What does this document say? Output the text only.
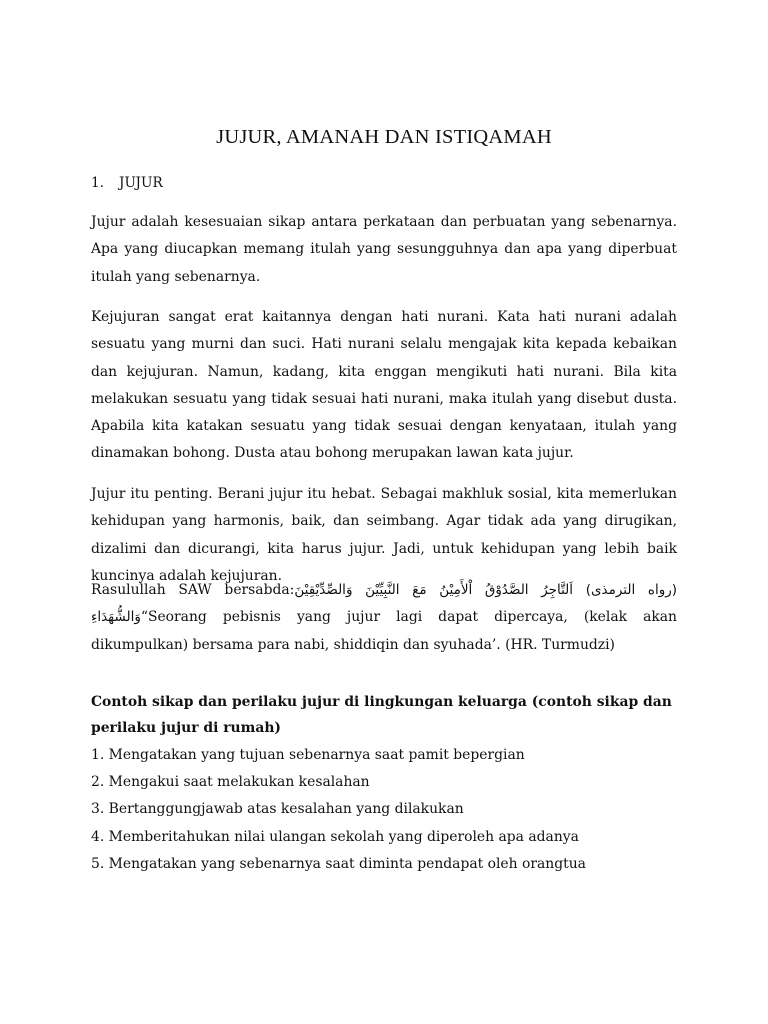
JUJUR, AMANAH DAN ISTIQAMAH
1. JUJUR

Jujur adalah kesesuaian sikap antara perkataan dan perbuatan yang sebenarnya. Apa yang diucapkan memang itulah yang sesungguhnya dan apa yang diperbuat itulah yang sebenarnya.

Kejujuran sangat erat kaitannya dengan hati nurani. Kata hati nurani adalah sesuatu yang murni dan suci. Hati nurani selalu mengajak kita kepada kebaikan dan kejujuran. Namun, kadang, kita enggan mengikuti hati nurani. Bila kita melakukan sesuatu yang tidak sesuai hati nurani, maka itulah yang disebut dusta. Apabila kita katakan sesuatu yang tidak sesuai dengan kenyataan, itulah yang dinamakan bohong. Dusta atau bohong merupakan lawan kata jujur.

Jujur itu penting. Berani jujur itu hebat. Sebagai makhluk sosial, kita memerlukan kehidupan yang harmonis, baik, dan seimbang. Agar tidak ada yang dirugikan, dizalimi dan dicurangi, kita harus jujur. Jadi, untuk kehidupan yang lebih baik kuncinya adalah kejujuran.

Rasulullah SAW bersabda:(رواه الترمذى) اَلتَّاجِرُ الصَّدُوْقُ اْلأَمِيْنُ مَعَ النَّبِيِّيْنَ وَالصِّدِّيْقِيْنَ وَالشُّهَدَاءِ“Seorang pebisnis yang jujur lagi dapat dipercaya, (kelak akan dikumpulkan) bersama para nabi, shiddiqin dan syuhada’. (HR. Turmudzi)

Contoh sikap dan perilaku jujur di lingkungan keluarga (contoh sikap dan perilaku jujur di rumah)
1. Mengatakan yang tujuan sebenarnya saat pamit bepergian
2. Mengakui saat melakukan kesalahan
3. Bertanggungjawab atas kesalahan yang dilakukan
4. Memberitahukan nilai ulangan sekolah yang diperoleh apa adanya
5. Mengatakan yang sebenarnya saat diminta pendapat oleh orangtua
